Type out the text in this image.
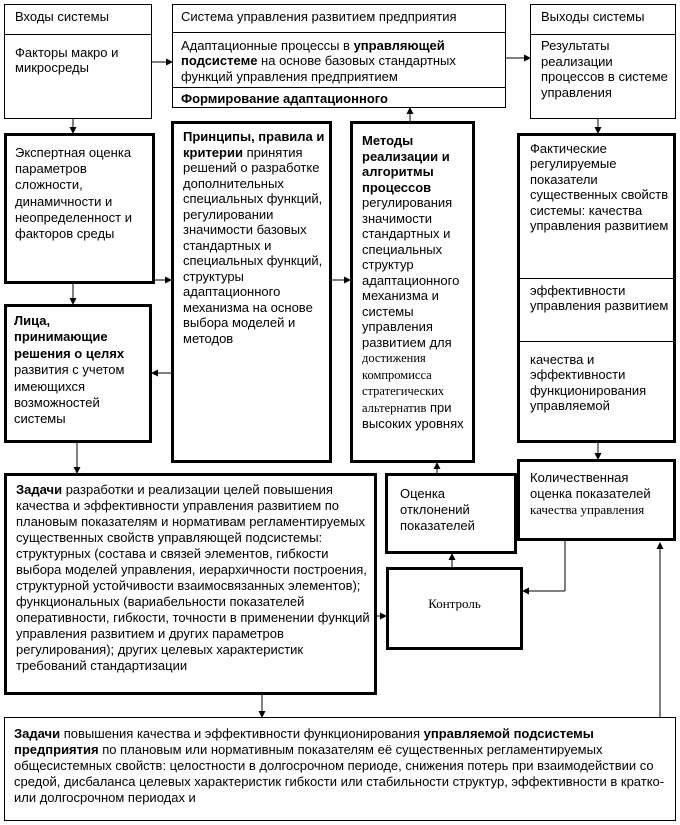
Входы системы
Факторы макро и микросреды
Система управления развитием предприятия
Адаптационные процессы в управляющей подсистеме на основе базовых стандартных функций управления предприятием
Формирование адаптационного
Выходы системы
Результаты реализации процессов в системе управления
Экспертная оценка параметров сложности, динамичности и неопределенност и факторов среды
Принципы, правила и критерии принятия решений о разработке дополнительных специальных функций, регулировании значимости базовых стандартных и специальных функций, структуры адаптационного механизма на основе выбора моделей и методов
Методы реализации и алгоритмы процессов регулирования значимости стандартных и специальных структур адаптационного механизма и системы управления развитием для достижения компромисса стратегических альтернатив при высоких уровнях
Фактические регулируемые показатели существенных свойств системы: качества управления развитием
эффективности управления развитием
качества и эффективности функционирования управляемой
Лица, принимающие решения о целях развития с учетом имеющихся возможностей системы
Оценка отклонений показателей
Количественная оценка показателей качества управления
Контроль
Задачи разработки и реализации целей повышения качества и эффективности управления развитием по плановым показателям и нормативам регламентируемых существенных свойств управляющей подсистемы: структурных (состава и связей элементов, гибкости выбора моделей управления, иерархичности построения, структурной устойчивости взаимосвязанных элементов); функциональных (вариабельности показателей оперативности, гибкости, точности в применении функций управления развитием и других параметров регулирования); других целевых характеристик требований стандартизации
Задачи повышения качества и эффективности функционирования управляемой подсистемы предприятия по плановым или нормативным показателям её существенных регламентируемых общесистемных свойств: целостности в долгосрочном периоде, снижения потерь при взаимодействии со средой, дисбаланса целевых характеристик гибкости или стабильности структур, эффективности в кратко- или долгосрочном периодах и
